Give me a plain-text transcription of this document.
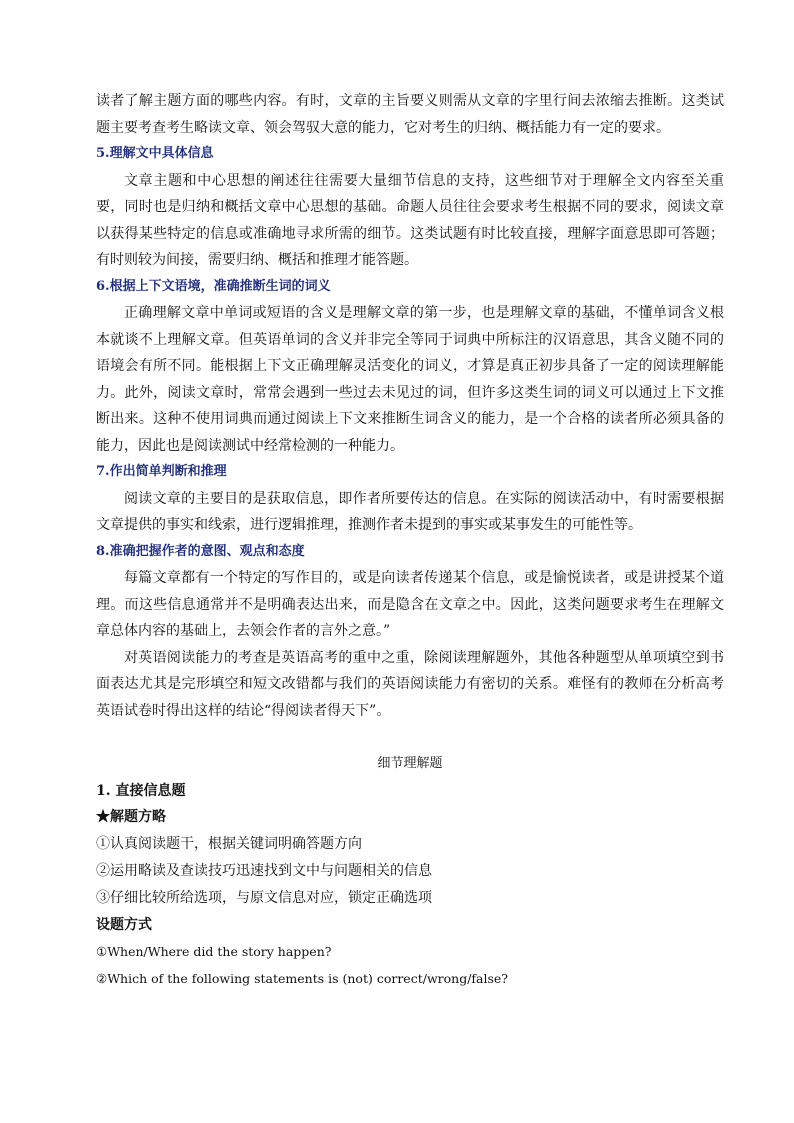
读者了解主题方面的哪些内容。有时，文章的主旨要义则需从文章的字里行间去浓缩去推断。这类试题主要考查考生略读文章、领会驾驭大意的能力，它对考生的归纳、概括能力有一定的要求。

5.理解文中具体信息

文章主题和中心思想的阐述往往需要大量细节信息的支持，这些细节对于理解全文内容至关重要，同时也是归纳和概括文章中心思想的基础。命题人员往往会要求考生根据不同的要求，阅读文章以获得某些特定的信息或准确地寻求所需的细节。这类试题有时比较直接，理解字面意思即可答题；有时则较为间接，需要归纳、概括和推理才能答题。

6.根据上下文语境，准确推断生词的词义

正确理解文章中单词或短语的含义是理解文章的第一步，也是理解文章的基础，不懂单词含义根本就谈不上理解文章。但英语单词的含义并非完全等同于词典中所标注的汉语意思，其含义随不同的语境会有所不同。能根据上下文正确理解灵活变化的词义，才算是真正初步具备了一定的阅读理解能力。此外，阅读文章时，常常会遇到一些过去未见过的词，但许多这类生词的词义可以通过上下文推断出来。这种不使用词典而通过阅读上下文来推断生词含义的能力，是一个合格的读者所必须具备的能力，因此也是阅读测试中经常检测的一种能力。

7.作出简单判断和推理

阅读文章的主要目的是获取信息，即作者所要传达的信息。在实际的阅读活动中，有时需要根据文章提供的事实和线索，进行逻辑推理，推测作者未提到的事实或某事发生的可能性等。

8.准确把握作者的意图、观点和态度

每篇文章都有一个特定的写作目的，或是向读者传递某个信息，或是愉悦读者，或是讲授某个道理。而这些信息通常并不是明确表达出来，而是隐含在文章之中。因此，这类问题要求考生在理解文章总体内容的基础上，去领会作者的言外之意。”

对英语阅读能力的考查是英语高考的重中之重，除阅读理解题外，其他各种题型从单项填空到书面表达尤其是完形填空和短文改错都与我们的英语阅读能力有密切的关系。难怪有的教师在分析高考英语试卷时得出这样的结论“得阅读者得天下”。

细节理解题

1. 直接信息题

★解题方略

①认真阅读题干，根据关键词明确答题方向

②运用略读及查读技巧迅速找到文中与问题相关的信息

③仔细比较所给选项，与原文信息对应，锁定正确选项

设题方式

①When/Where did the story happen?

②Which of the following statements is (not) correct/wrong/false?
